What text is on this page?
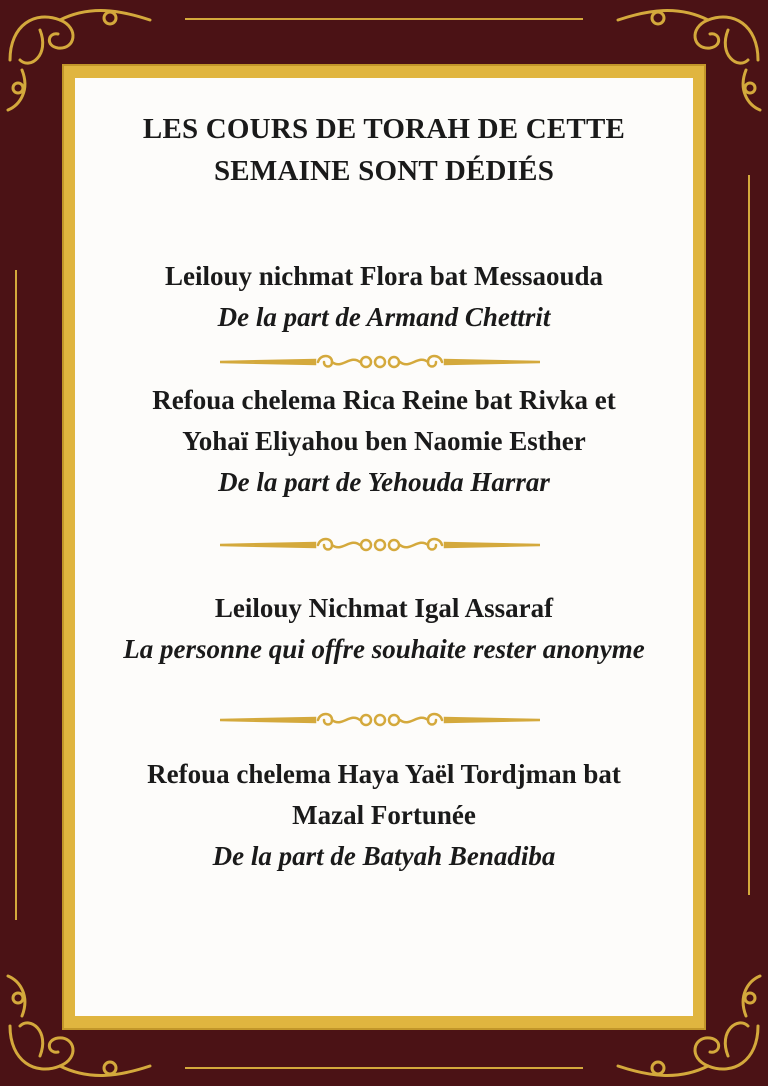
LES COURS DE TORAH DE CETTE
SEMAINE SONT DÉDIÉS
Leilouy nichmat Flora bat Messaouda
De la part de Armand Chettrit
Refoua chelema Rica Reine bat Rivka et
Yohaï Eliyahou ben Naomie Esther
De la part de Yehouda Harrar
Leilouy Nichmat Igal Assaraf
La personne qui offre souhaite rester anonyme
Refoua chelema Haya Yaël Tordjman bat
Mazal Fortunée
De la part de Batyah Benadiba
